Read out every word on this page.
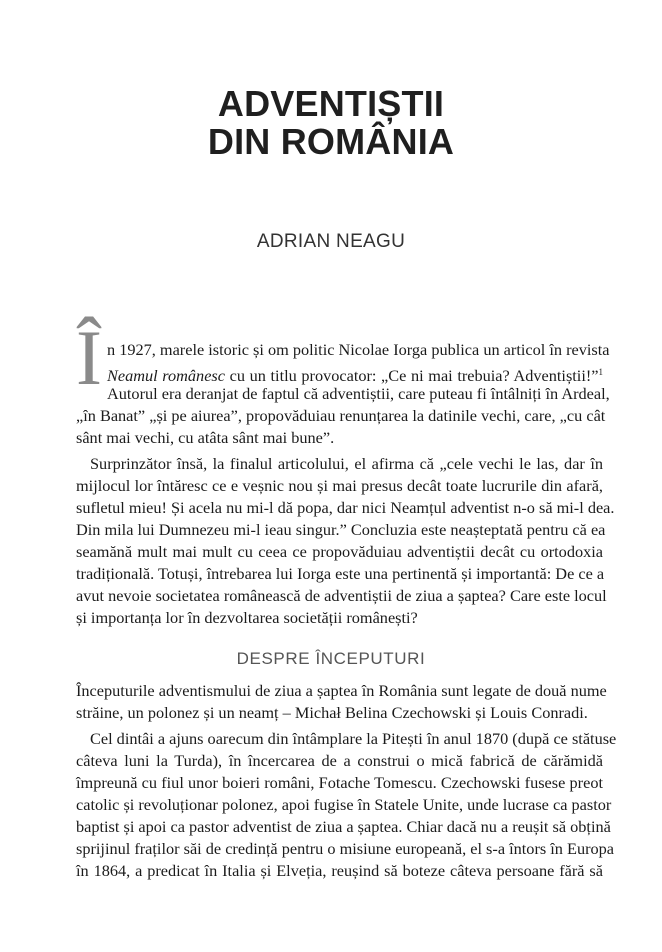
ADVENTIȘTII
DIN ROMÂNIA

ADRIAN NEAGU

Î n 1927, marele istoric și om politic Nicolae Iorga publica un articol în revista

Neamul românesc cu un titlu provocator: „Ce ni mai trebuia? Adventiștii!”$^1$

Autorul era deranjat de faptul că adventiștii, care puteau fi întâlniți în Ardeal,

„în Banat” „și pe aiurea”, propovăduiau renunțarea la datinile vechi, care, „cu cât

sânt mai vechi, cu atâta sânt mai bune”.

Surprinzător însă, la finalul articolului, el afirma că „cele vechi le las, dar în

mijlocul lor întăresc ce e veșnic nou și mai presus decât toate lucrurile din afară,

sufletul mieu! Și acela nu mi-l dă popa, dar nici Neamțul adventist n-o să mi-l dea.

Din mila lui Dumnezeu mi-l ieau singur.” Concluzia este neașteptată pentru că ea

seamănă mult mai mult cu ceea ce propovăduiau adventiștii decât cu ortodoxia

tradițională. Totuși, întrebarea lui Iorga este una pertinentă și importantă: De ce a

avut nevoie societatea românească de adventiștii de ziua a șaptea? Care este locul

și importanța lor în dezvoltarea societății românești?

DESPRE ÎNCEPUTURI

Începuturile adventismului de ziua a șaptea în România sunt legate de două nume

străine, un polonez și un neamț – Michał Belina Czechowski și Louis Conradi.

Cel dintâi a ajuns oarecum din întâmplare la Pitești în anul 1870 (după ce stătuse

câteva luni la Turda), în încercarea de a construi o mică fabrică de cărămidă

împreună cu fiul unor boieri români, Fotache Tomescu. Czechowski fusese preot

catolic și revoluționar polonez, apoi fugise în Statele Unite, unde lucrase ca pastor

baptist și apoi ca pastor adventist de ziua a șaptea. Chiar dacă nu a reușit să obțină

sprijinul fraților săi de credință pentru o misiune europeană, el s-a întors în Europa

în 1864, a predicat în Italia și Elveția, reușind să boteze câteva persoane fără să
